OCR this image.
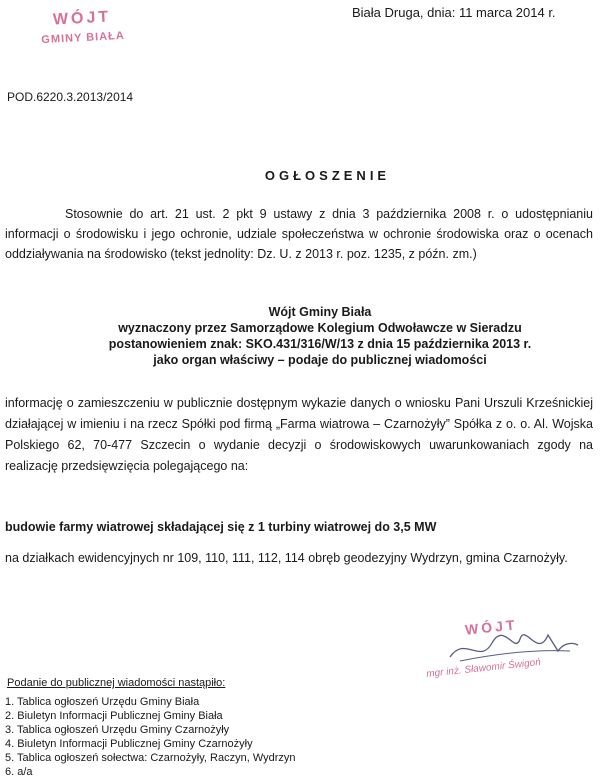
WÓJT
GMINY BIAŁA
Biała Druga, dnia: 11 marca 2014 r.
POD.6220.3.2013/2014
OGŁOSZENIE
Stosownie do art. 21 ust. 2 pkt 9 ustawy z dnia 3 października 2008 r. o udostępnianiu informacji o środowisku i jego ochronie, udziale społeczeństwa w ochronie środowiska oraz o ocenach oddziaływania na środowisko (tekst jednolity: Dz. U. z 2013 r. poz. 1235, z późn. zm.)
Wójt Gminy Biała
wyznaczony przez Samorządowe Kolegium Odwoławcze w Sieradzu
postanowieniem znak: SKO.431/316/W/13 z dnia 15 października 2013 r.
jako organ właściwy – podaje do publicznej wiadomości
informację o zamieszczeniu w publicznie dostępnym wykazie danych o wniosku Pani Urszuli Krześnickiej działającej w imieniu i na rzecz Spółki pod firmą „Farma wiatrowa – Czarnożyły” Spółka z o. o. Al. Wojska Polskiego 62, 70-477 Szczecin o wydanie decyzji o środowiskowych uwarunkowaniach zgody na realizację przedsięwzięcia polegającego na:
budowie farmy wiatrowej składającej się z 1 turbiny wiatrowej do 3,5 MW
na działkach ewidencyjnych nr 109, 110, 111, 112, 114 obręb geodezyjny Wydrzyn, gmina Czarnożyły.
WÓJT
mgr inż. Sławomir Świgoń
Podanie do publicznej wiadomości nastąpiło:
1. Tablica ogłoszeń Urzędu Gminy Biała
2. Biuletyn Informacji Publicznej Gminy Biała
3. Tablica ogłoszeń Urzędu Gminy Czarnożyły
4. Biuletyn Informacji Publicznej Gminy Czarnożyły
5. Tablica ogłoszeń sołectwa: Czarnożyły, Raczyn, Wydrzyn
6. a/a
